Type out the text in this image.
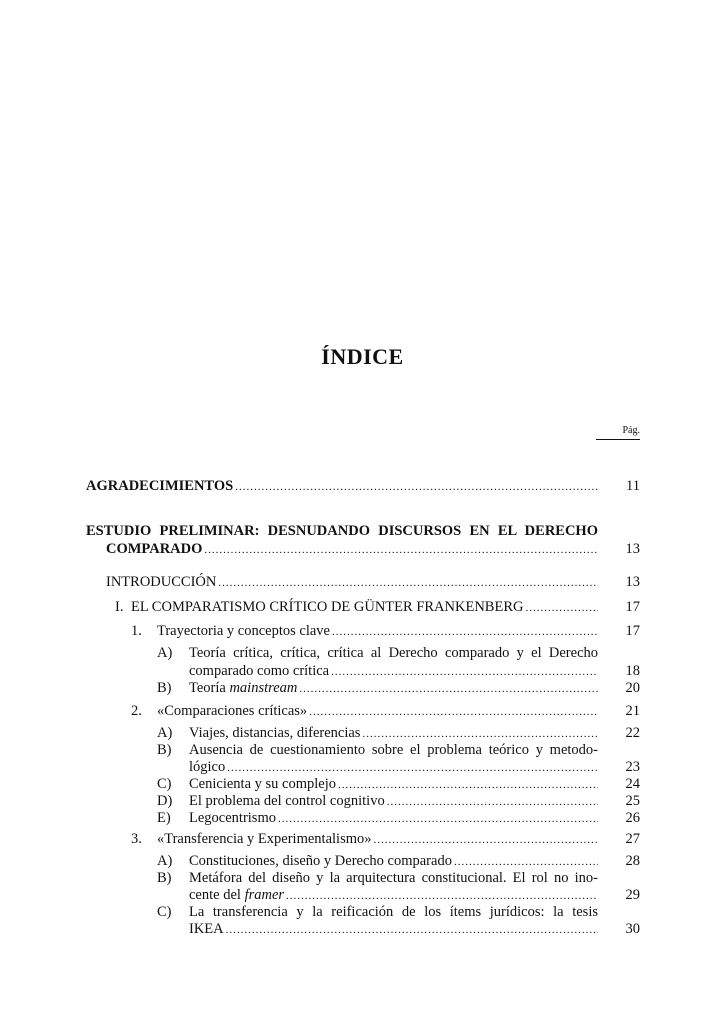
ÍNDICE
Pág.
AGRADECIMIENTOS .....	11
ESTUDIO PRELIMINAR: DESNUDANDO DISCURSOS EN EL DERECHO
COMPARADO .....	13
INTRODUCCIÓN .....	13
I. EL COMPARATISMO CRÍTICO DE GÜNTER FRANKENBERG .....	17
1. Trayectoria y conceptos clave .....	17
A) Teoría crítica, crítica, crítica al Derecho comparado y el Derecho
comparado como crítica .....	18
B) Teoría mainstream .....	20
2. «Comparaciones críticas» .....	21
A) Viajes, distancias, diferencias .....	22
B) Ausencia de cuestionamiento sobre el problema teórico y metodo-
lógico .....	23
C) Cenicienta y su complejo .....	24
D) El problema del control cognitivo .....	25
E) Legocentrismo .....	26
3. «Transferencia y Experimentalismo» .....	27
A) Constituciones, diseño y Derecho comparado .....	28
B) Metáfora del diseño y la arquitectura constitucional. El rol no ino-
cente del framer .....	29
C) La transferencia y la reificación de los ítems jurídicos: la tesis
IKEA .....	30
